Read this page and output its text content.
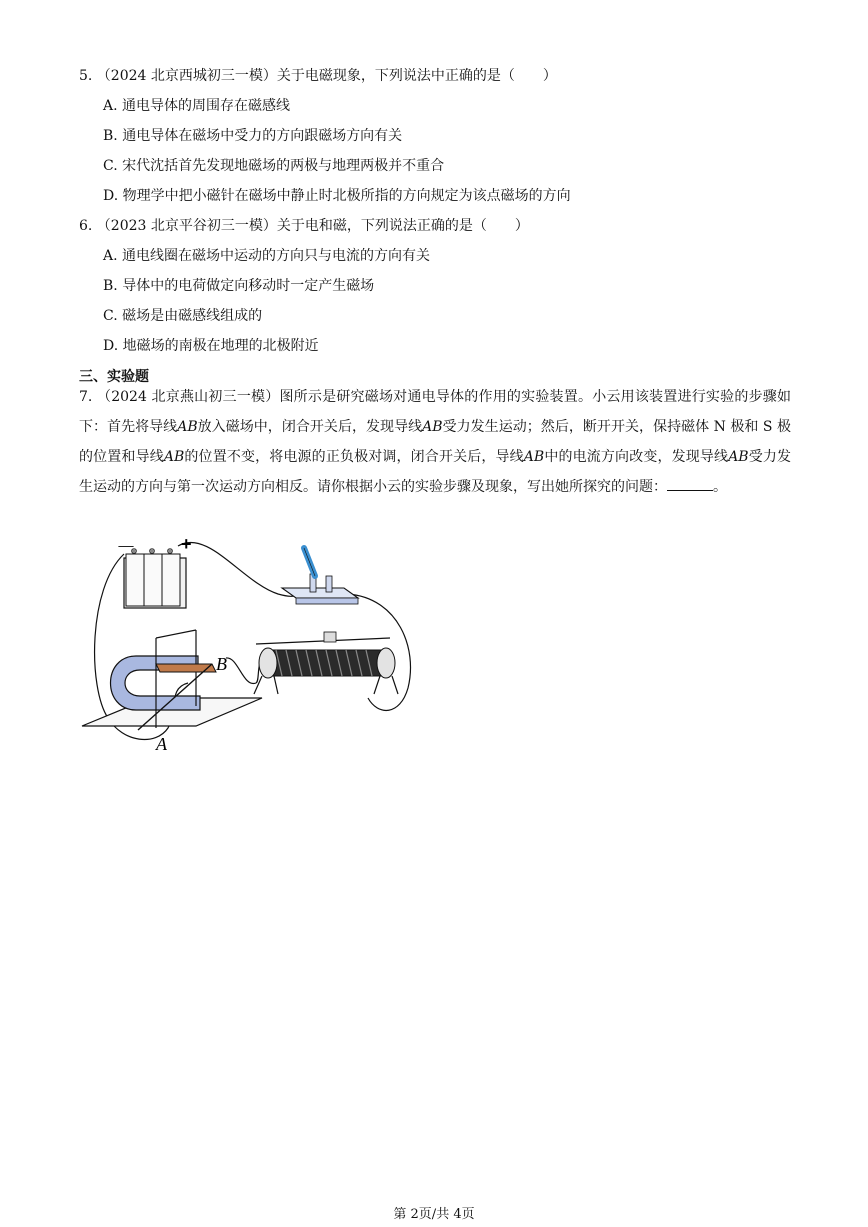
5. （2024 北京西城初三一模）关于电磁现象，下列说法中正确的是（　　）
A. 通电导体的周围存在磁感线
B. 通电导体在磁场中受力的方向跟磁场方向有关
C. 宋代沈括首先发现地磁场的两极与地理两极并不重合
D. 物理学中把小磁针在磁场中静止时北极所指的方向规定为该点磁场的方向
6. （2023 北京平谷初三一模）关于电和磁，下列说法正确的是（　　）
A. 通电线圈在磁场中运动的方向只与电流的方向有关
B. 导体中的电荷做定向移动时一定产生磁场
C. 磁场是由磁感线组成的
D. 地磁场的南极在地理的北极附近
三、实验题
7. （2024 北京燕山初三一模）图所示是研究磁场对通电导体的作用的实验装置。小云用该装置进行实验的步骤如下：首先将导线AB放入磁场中，闭合开关后，发现导线AB受力发生运动；然后，断开开关，保持磁体 N 极和 S 极的位置和导线AB的位置不变，将电源的正负极对调，闭合开关后，导线AB中的电流方向改变，发现导线AB受力发生运动的方向与第一次运动方向相反。请你根据小云的实验步骤及现象，写出她所探究的问题：	。
－	+
A
B
第 2页/共 4页
